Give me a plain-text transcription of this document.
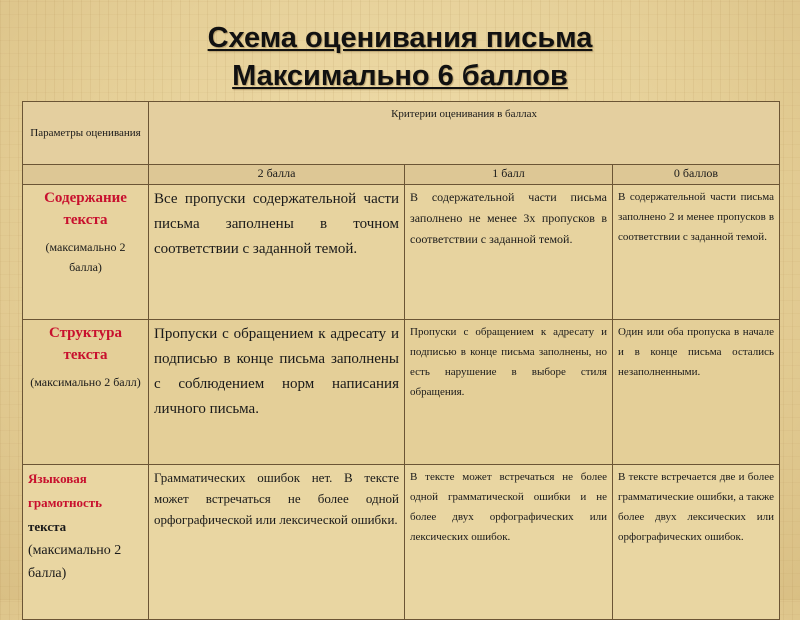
Схема оценивания письма
Максимально 6 баллов
Параметры оценивания	Критерии оценивания в баллах		
	2 балла	1 балл	0 баллов

Содержание текста
(максимально 2 балла)	Все пропуски содержательной части письма заполнены в точном соответствии с заданной темой.	В содержательной части письма заполнено не менее 3х пропусков в соответствии с заданной темой.	В содержательной части письма заполнено 2 и менее пропусков в соответствии с заданной темой.

Структура текста
(максимально 2 балл)	Пропуски с обращением к адресату и подписью в конце письма заполнены с соблюдением норм написания личного письма.	Пропуски с обращением к адресату и подписью в конце письма заполнены, но есть нарушение в выборе стиля обращения.	Один или оба пропуска в начале и в конце письма остались незаполненными.

Языковая грамотность
текста
(максимально 2 балла)	Грамматических ошибок нет. В тексте может встречаться не более одной орфографической или лексической ошибки.	В тексте может встречаться не более одной грамматической ошибки и не более двух орфографических или лексических ошибок.	В тексте встречается две и более грамматические ошибки, а также более двух лексических или орфографических ошибок.
